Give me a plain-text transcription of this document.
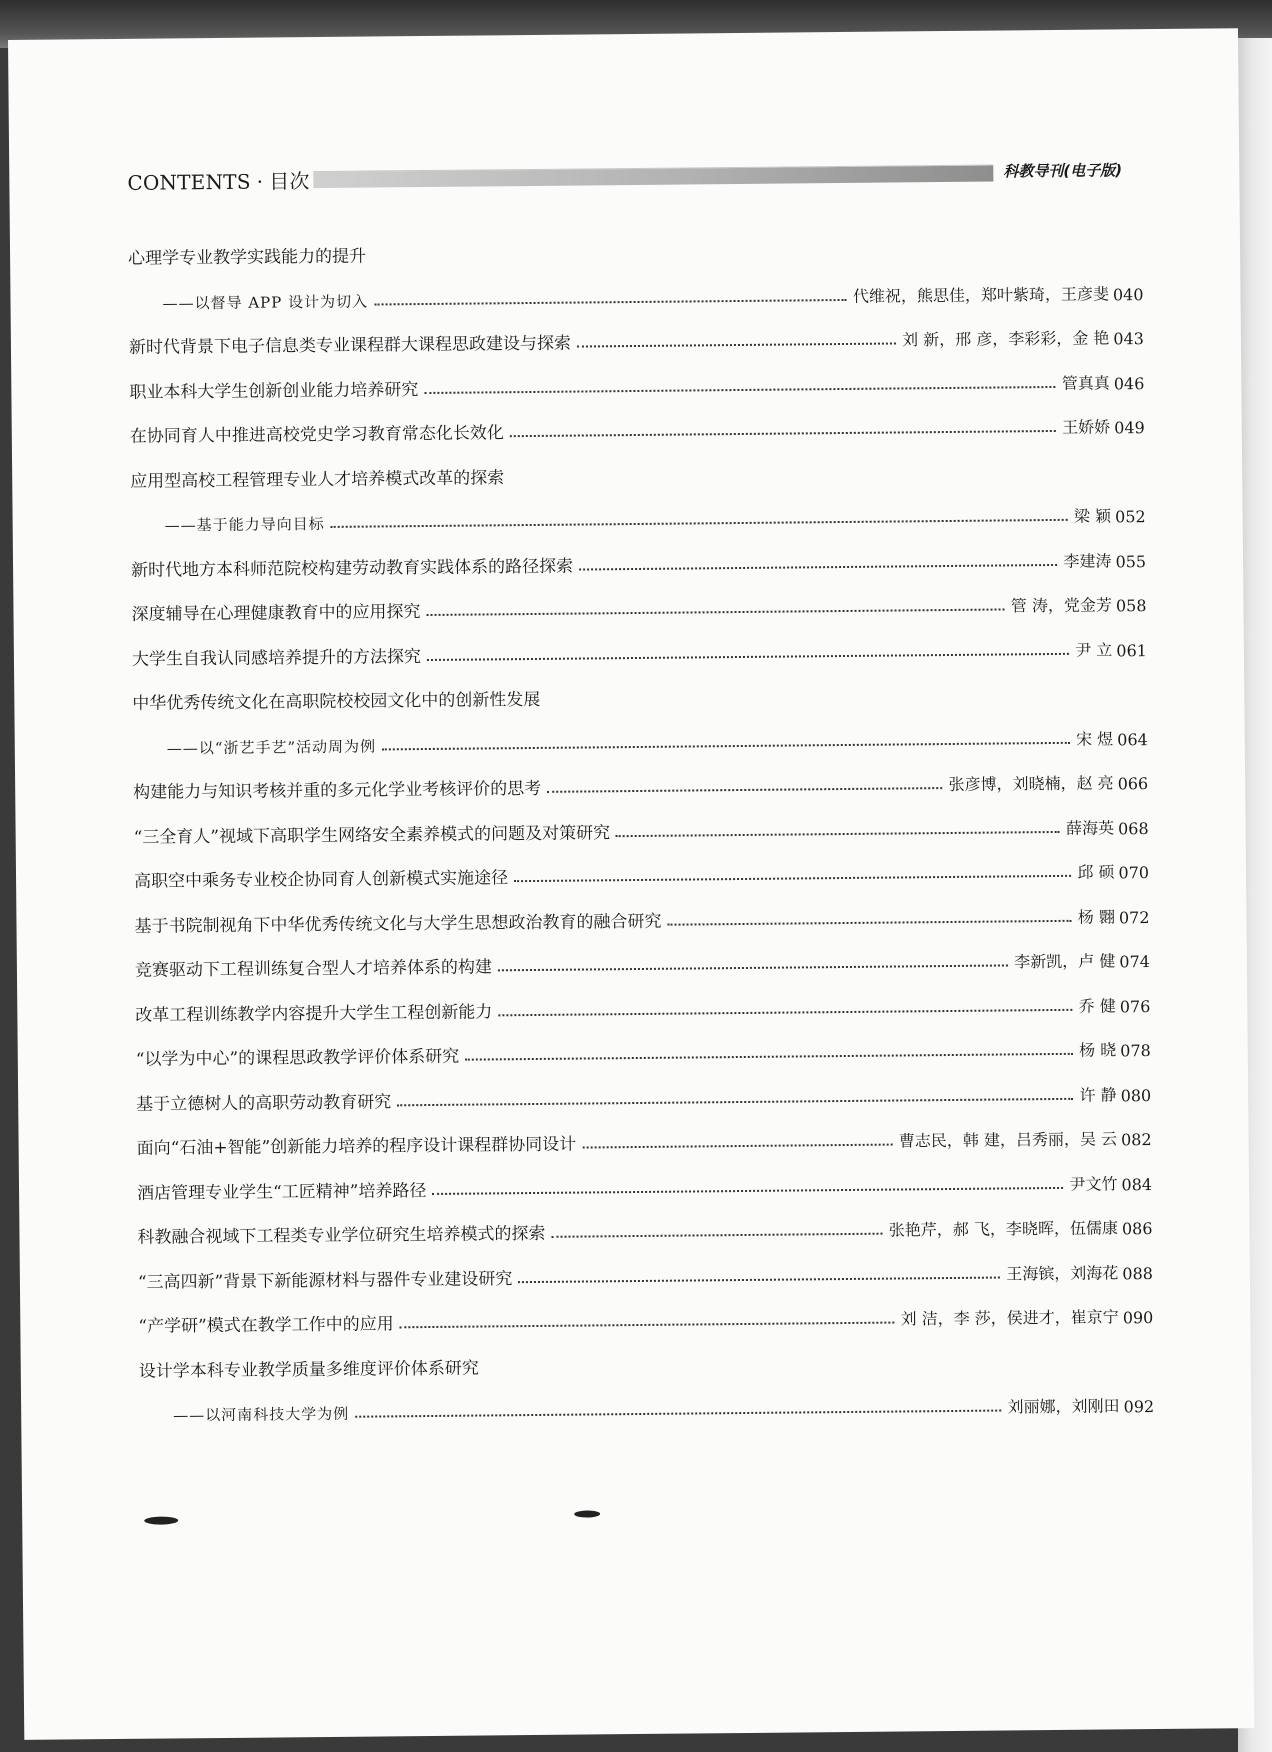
CONTENTS · 目次	科教导刊(电子版)
心理学专业教学实践能力的提升
——以督导 APP 设计为切入	代维祝，熊思佳，郑叶紫琦，王彦斐 040
新时代背景下电子信息类专业课程群大课程思政建设与探索	刘 新，邢 彦，李彩彩，金 艳 043
职业本科大学生创新创业能力培养研究	管真真 046
在协同育人中推进高校党史学习教育常态化长效化	王娇娇 049
应用型高校工程管理专业人才培养模式改革的探索
——基于能力导向目标	梁 颖 052
新时代地方本科师范院校构建劳动教育实践体系的路径探索	李建涛 055
深度辅导在心理健康教育中的应用探究	管 涛，党金芳 058
大学生自我认同感培养提升的方法探究	尹 立 061
中华优秀传统文化在高职院校校园文化中的创新性发展
——以“浙艺手艺”活动周为例	宋 煜 064
构建能力与知识考核并重的多元化学业考核评价的思考	张彦博，刘晓楠，赵 亮 066
“三全育人”视域下高职学生网络安全素养模式的问题及对策研究	薛海英 068
高职空中乘务专业校企协同育人创新模式实施途径	邱 硕 070
基于书院制视角下中华优秀传统文化与大学生思想政治教育的融合研究	杨 翾 072
竞赛驱动下工程训练复合型人才培养体系的构建	李新凯，卢 健 074
改革工程训练教学内容提升大学生工程创新能力	乔 健 076
“以学为中心”的课程思政教学评价体系研究	杨 晓 078
基于立德树人的高职劳动教育研究	许 静 080
面向“石油+智能”创新能力培养的程序设计课程群协同设计	曹志民，韩 建，吕秀丽，吴 云 082
酒店管理专业学生“工匠精神”培养路径	尹文竹 084
科教融合视域下工程类专业学位研究生培养模式的探索	张艳芹，郝 飞，李晓晖，伍儒康 086
“三高四新”背景下新能源材料与器件专业建设研究	王海镔，刘海花 088
“产学研”模式在教学工作中的应用	刘 洁，李 莎，侯进才，崔京宁 090
设计学本科专业教学质量多维度评价体系研究
——以河南科技大学为例	刘丽娜，刘刚田 092
